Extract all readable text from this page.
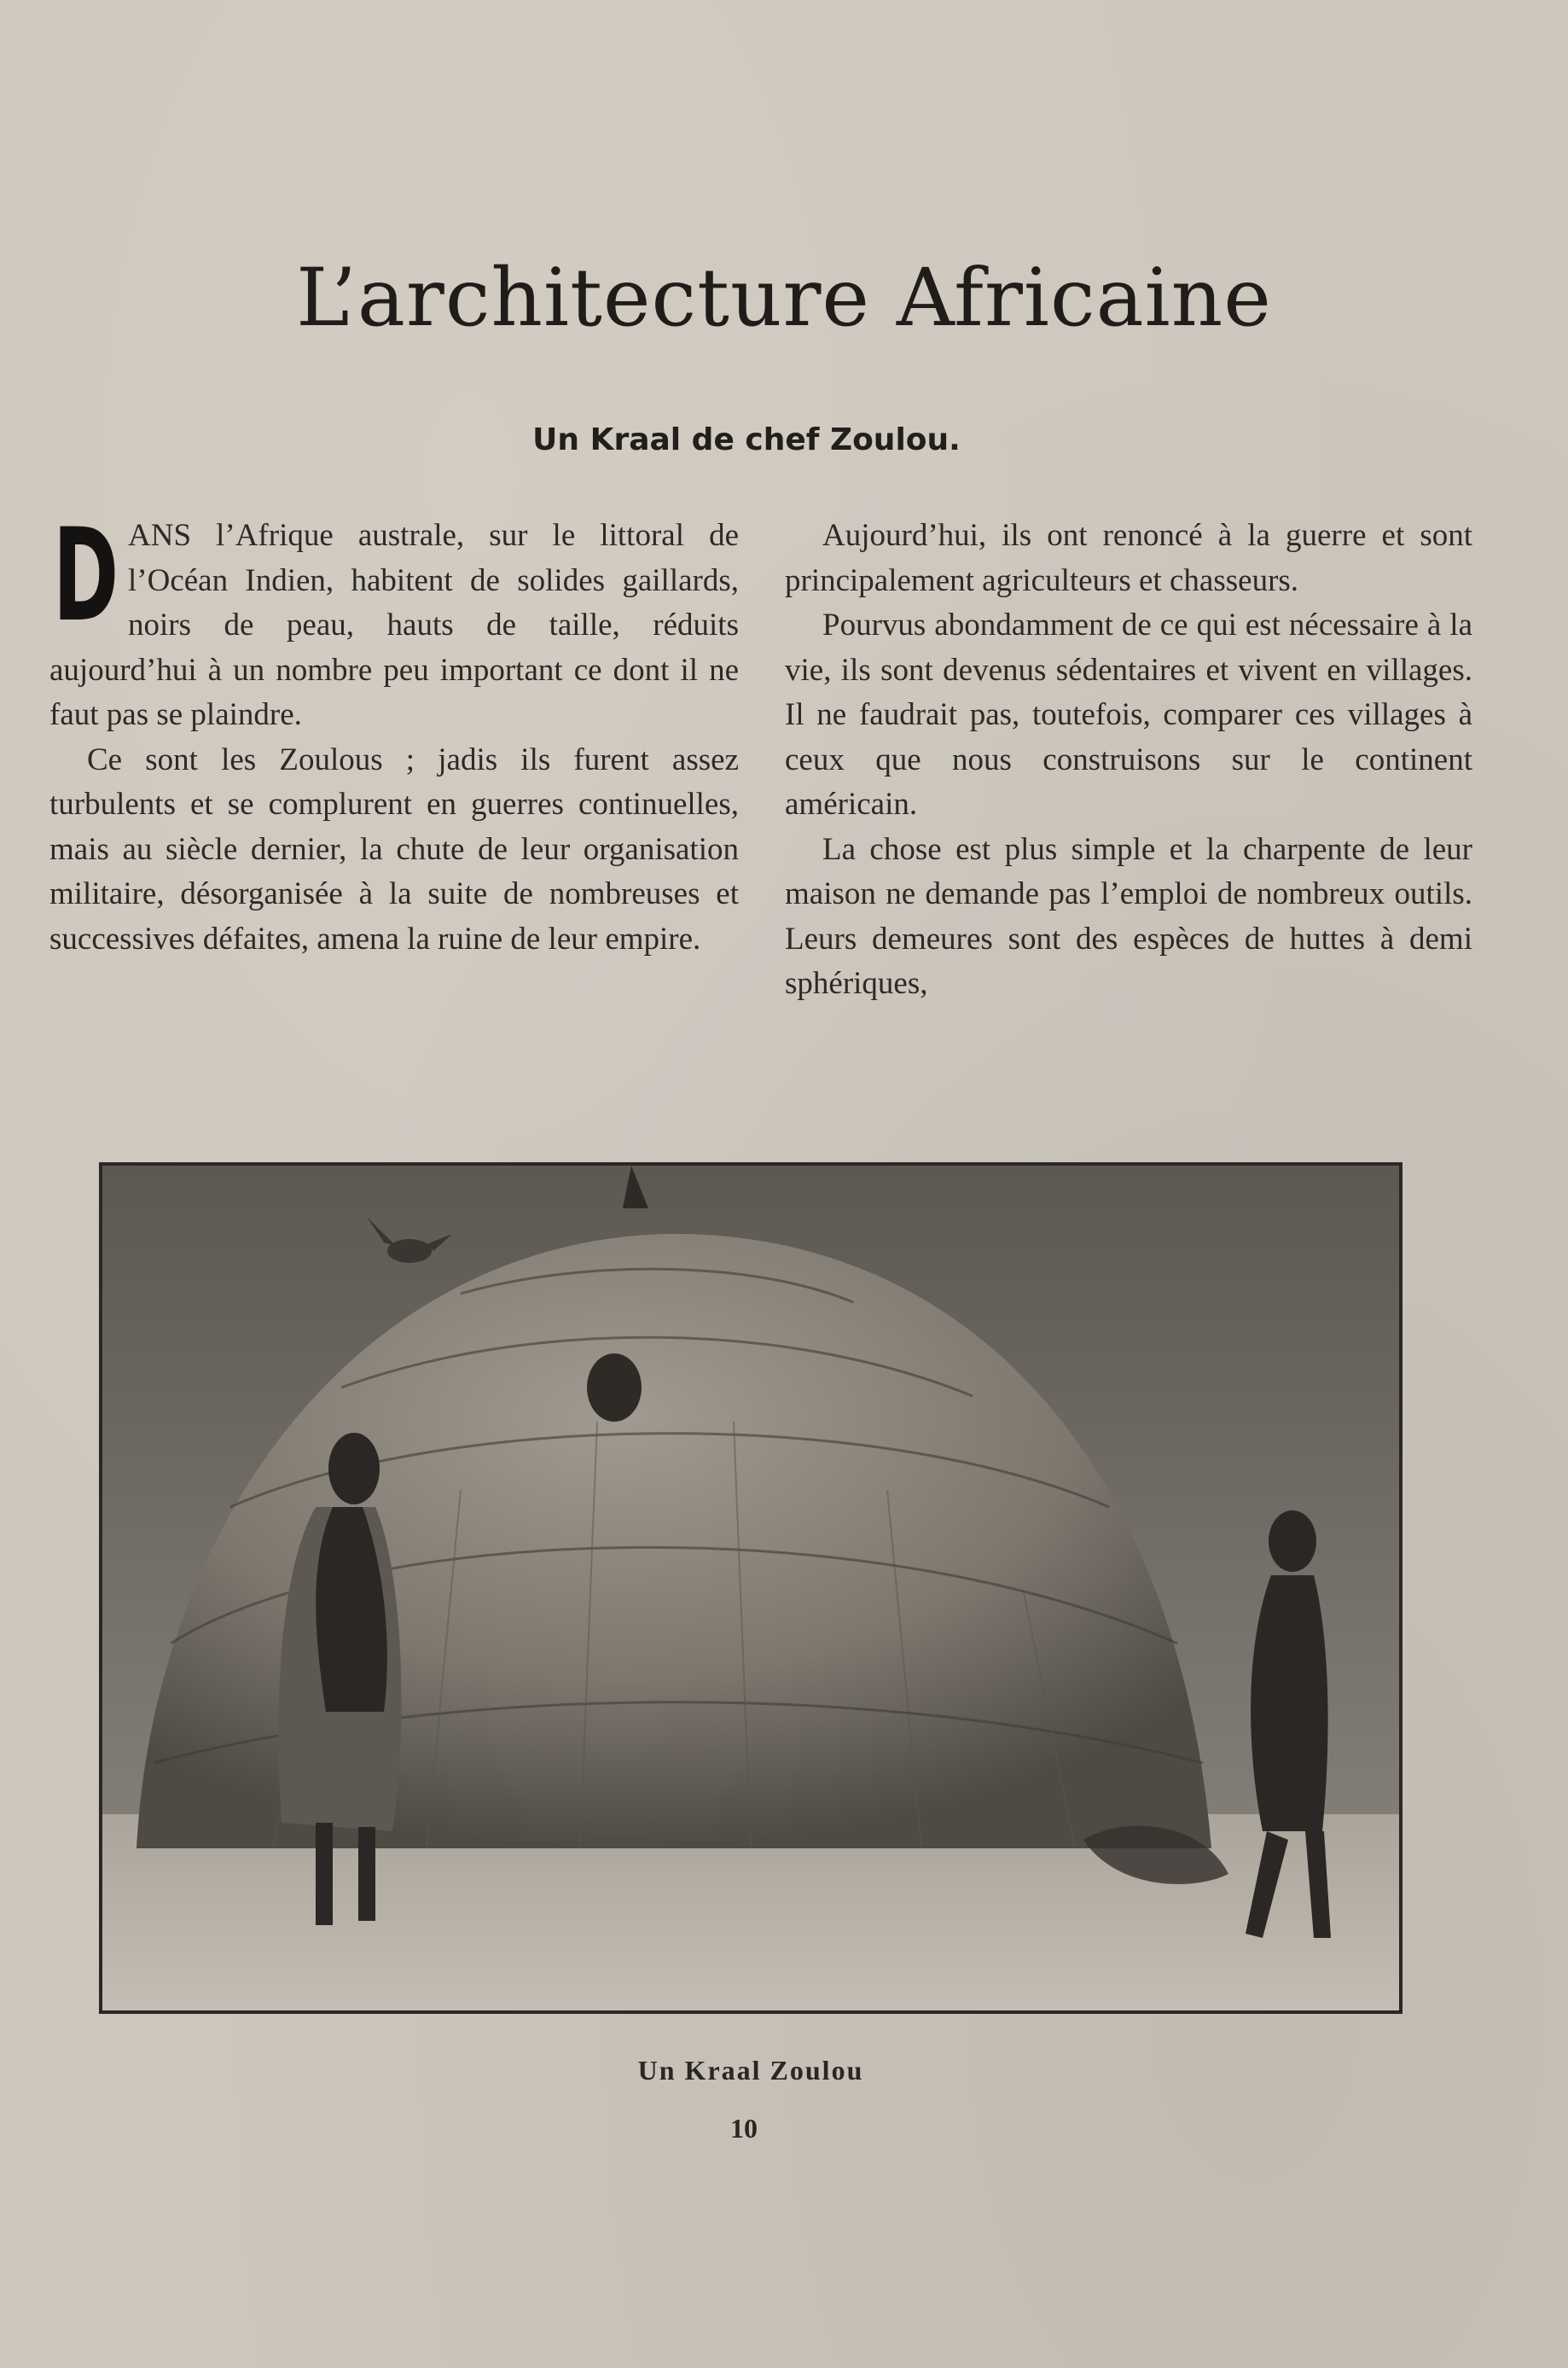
L’architecture Africaine
Un Kraal de chef Zoulou.

DANS l’Afrique australe, sur le littoral de l’Océan Indien, habitent de solides gaillards, noirs de peau, hauts de taille, réduits aujourd’hui à un nombre peu important ce dont il ne faut pas se plaindre.

Ce sont les Zoulous ; jadis ils furent assez turbulents et se complurent en guerres continuelles, mais au siècle dernier, la chute de leur organisation militaire, désorganisée à la suite de nombreuses et successives défaites, amena la ruine de leur empire.

Aujourd’hui, ils ont renoncé à la guerre et sont principalement agriculteurs et chasseurs.

Pourvus abondamment de ce qui est nécessaire à la vie, ils sont devenus sédentaires et vivent en villages. Il ne faudrait pas, toutefois, comparer ces villages à ceux que nous construisons sur le continent américain.

La chose est plus simple et la charpente de leur maison ne demande pas l’emploi de nombreux outils. Leurs demeures sont des espèces de huttes à demi sphériques,

Un Kraal Zoulou

10
